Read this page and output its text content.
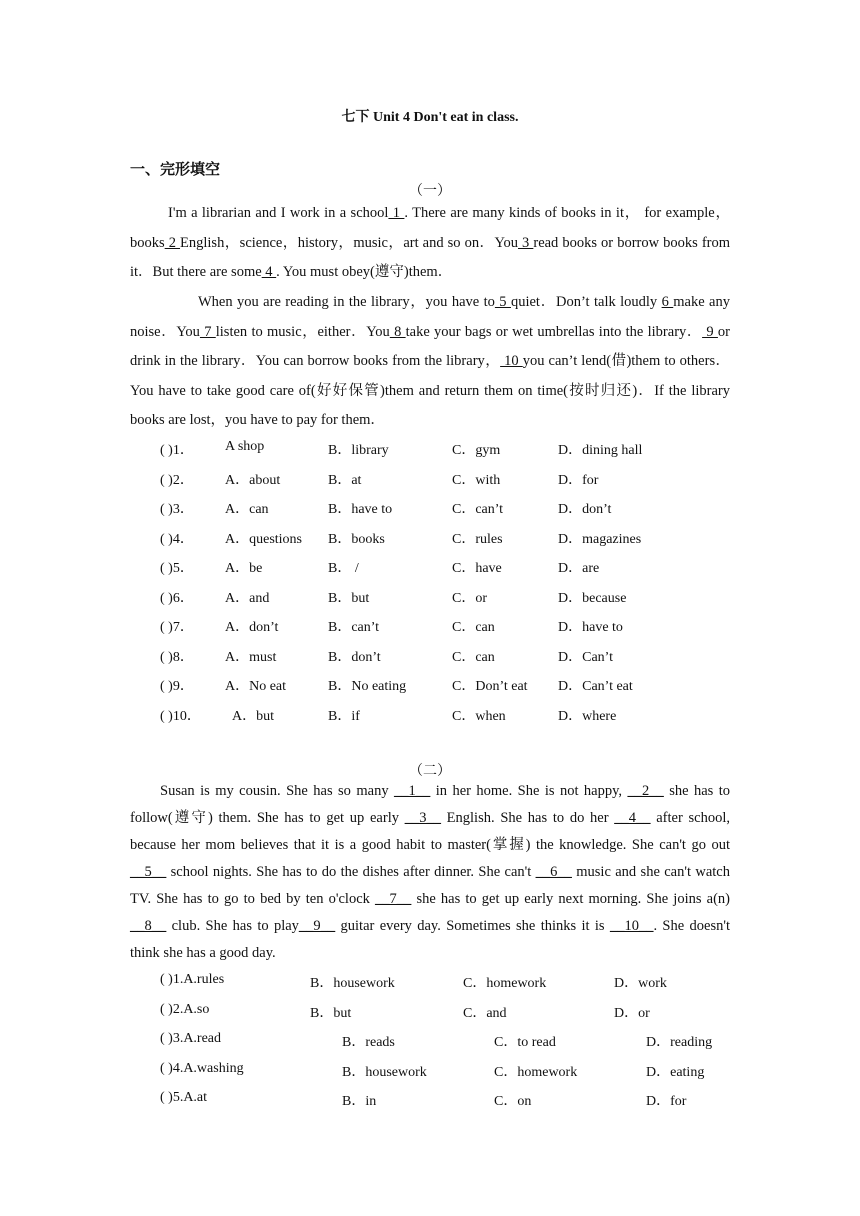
七下 Unit 4 Don't eat in class.
一、完形填空
（一）
I'm a librarian and I work in a school 1 . There are many kinds of books in it， for example，books 2 English，science，history，music，art and so on．You 3 read books or borrow books from it．But there are some 4 . You must obey(遵守)them．
When you are reading in the library，you have to 5 quiet．Don’t talk loudly 6 make any noise．You 7 listen to music，either．You 8 take your bags or wet umbrellas into the library． 9 or drink in the library．You can borrow books from the library， 10 you can’t lend(借)them to others．You have to take good care of(好好保管)them and return them on time(按时归还)．If the library books are lost，you have to pay for them．
( )1． A shop	B．library	C．gym	D．dining hall
( )2． A．about	B．at	C．with	D．for
( )3． A．can	B．have to	C．can’t	D．don’t
( )4． A．questions B．books	C．rules	D．magazines
( )5． A．be	B． /	C．have	D．are
( )6． A．and	B．but	C．or	D．because
( )7． A．don’t	B．can’t	C．can	D．have to
( )8． A．must	B．don’t	C．can	D．Can’t
( )9． A．No eat	B．No eating	C．Don’t eat D．Can’t eat
( )10． A．but	B．if	C．when	D．where
（二）
Susan is my cousin. She has so many __1__ in her home. She is not happy, __2__ she has to follow(遵守) them. She has to get up early __3__ English. She has to do her __4__ after school, because her mom believes that it is a good habit to master(掌握) the knowledge. She can't go out __5__ school nights. She has to do the dishes after dinner. She can't __6__ music and she can't watch TV. She has to go to bed by ten o'clock __7__ she has to get up early next morning. She joins a(n) __8__ club. She has to play__9__ guitar every day. Sometimes she thinks it is __10__. She doesn't think she has a good day.
( )1.A.rules	B．housework	C．homework	D．work
( )2.A.so	B．but	C．and	D．or
( )3.A.read	B．reads	C．to read	D．reading
( )4.A.washing	B．housework	C．homework	D．eating
( )5.A.at	B．in	C．on	D．for
